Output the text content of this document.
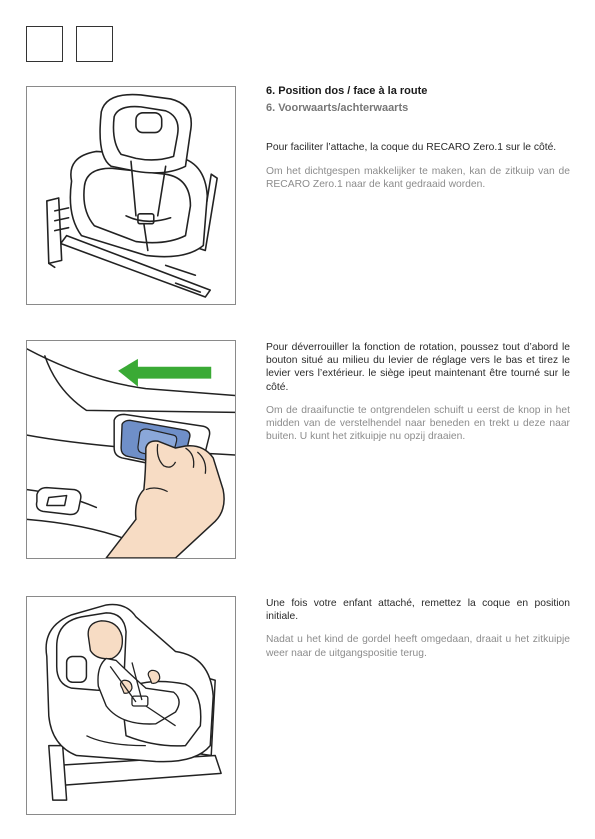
6. Position dos / face à la route

6. Voorwaarts/achterwaarts

Pour faciliter l’attache, la coque du RECARO Zero.1 sur le côté.

Om het dichtgespen makkelijker te maken, kan de zitkuip van de RECARO Zero.1 naar de kant gedraaid worden.

Pour déverrouiller la fonction de rotation, poussez tout d’abord le bouton situé au milieu du levier de réglage vers le bas et tirez le levier vers l’extérieur. le siège ipeut maintenant être tourné sur le côté.

Om de draaifunctie te ontgrendelen schuift u eerst de knop in het midden van de verstelhendel naar beneden en trekt u deze naar buiten. U kunt het zitkuipje nu opzij draaien.

Une fois votre enfant attaché, remettez la coque en position initiale.

Nadat u het kind de gordel heeft omgedaan, draait u het zitkuipje weer naar de uitgangspositie terug.
